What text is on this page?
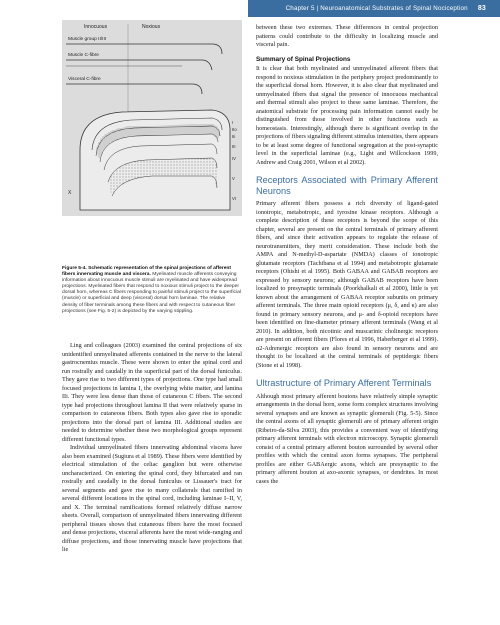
Chapter 5
|
Neuroanatomical Substrates of Spinal Nociception 83
Innocuous	Noxious
Muscle group II/III
Muscle C-fibre
Visceral C-fibre
I
IIo
IIi
III
IV
V
VI
X
Figure 5-4. Schematic representation of the spinal projections of afferent fibers innervating muscle and viscera. Myelinated muscle afferents conveying information about innocuous muscle stimuli are myelinated and have widespread projections. Myelinated fibers that respond to noxious stimuli project to the deeper dorsal horn, whereas C fibers responding to painful stimuli project to the superficial (muscle) or superficial and deep (visceral) dorsal horn laminae. The relative density of fiber terminals among these fibers and with respect to cutaneous fiber projections (see Fig. 5-2) is depicted by the varying stippling.

Ling and colleagues (2003) examined the central projections of six unidentified unmyelinated afferents contained in the nerve to the lateral gastrocnemius muscle. These were shown to enter the spinal cord and run rostrally and caudally in the superficial part of the dorsal funiculus. They gave rise to two different types of projections. One type had small focused projections in lamina I, the overlying white matter, and lamina IIi. They were less dense than those of cutaneous C fibers. The second type had projections throughout lamina II that were relatively sparse in comparison to cutaneous fibers. Both types also gave rise to sporadic projections into the dorsal part of lamina III. Additional studies are needed to determine whether these two morphological groups represent different functional types.

Individual unmyelinated fibers innervating abdominal viscera have also been examined (Sugiura et al 1989). These fibers were identified by electrical stimulation of the celiac ganglion but were otherwise uncharacterized. On entering the spinal cord, they bifurcated and ran rostrally and caudally in the dorsal funiculus or Lissauer's tract for several segments and gave rise to many collaterals that ramified in several different locations in the spinal cord, including laminae I–II, V, and X. The terminal ramifications formed relatively diffuse narrow sheets. Overall, comparison of unmyelinated fibers innervating different peripheral tissues shows that cutaneous fibers have the most focused and dense projections, visceral afferents have the most wide-ranging and diffuse projections, and those innervating muscle have projections that lie

between these two extremes. These differences in central projection patterns could contribute to the difficulty in localizing muscle and visceral pain.

Summary of Spinal Projections

It is clear that both myelinated and unmyelinated afferent fibers that respond to noxious stimulation in the periphery project predominantly to the superficial dorsal horn. However, it is also clear that myelinated and unmyelinated fibers that signal the presence of innocuous mechanical and thermal stimuli also project to these same laminae. Therefore, the anatomical substrate for processing pain information cannot easily be distinguished from those involved in other functions such as homeostasis. Interestingly, although there is significant overlap in the projections of fibers signaling different stimulus intensities, there appears to be at least some degree of functional segregation at the post-synaptic level in the superficial laminae (e.g., Light and Willcockson 1999, Andrew and Craig 2001, Wilson et al 2002).

Receptors Associated with Primary Afferent Neurons

Primary afferent fibers possess a rich diversity of ligand-gated ionotropic, metabotropic, and tyrosine kinase receptors. Although a complete description of these receptors is beyond the scope of this chapter, several are present on the central terminals of primary afferent fibers, and since their activation appears to regulate the release of neurotransmitters, they merit consideration. These include both the AMPA and N-methyl-D-aspartate (NMDA) classes of ionotropic glutamate receptors (Tachibana et al 1994) and metabotropic glutamate receptors (Ohishi et al 1995). Both GABAA and GABAB receptors are expressed by sensory neurons; although GABAB receptors have been localized to presynaptic terminals (Poorkhalkali et al 2000), little is yet known about the arrangement of GABAA receptor subunits on primary afferent terminals. The three main opioid receptors (μ, δ, and κ) are also found in primary sensory neurons, and μ- and δ-opioid receptors have been identified on fine-diameter primary afferent terminals (Wang et al 2010). In addition, both nicotinic and muscarinic cholinergic receptors are present on afferent fibers (Flores et al 1996, Haberberger et al 1999). α2-Adrenergic receptors are also found in sensory neurons and are thought to be localized at the central terminals of peptidergic fibers (Stone et al 1998).

Ultrastructure of Primary Afferent Terminals

Although most primary afferent boutons have relatively simple synaptic arrangements in the dorsal horn, some form complex structures involving several synapses and are known as synaptic glomeruli (Fig. 5-5). Since the central axons of all synaptic glomeruli are of primary afferent origin (Ribeiro-da-Silva 2003), this provides a convenient way of identifying primary afferent terminals with electron microscopy. Synaptic glomeruli consist of a central primary afferent bouton surrounded by several other profiles with which the central axon forms synapses. The peripheral profiles are either GABAergic axons, which are presynaptic to the primary afferent bouton at axo-axonic synapses, or dendrites. In most cases the
